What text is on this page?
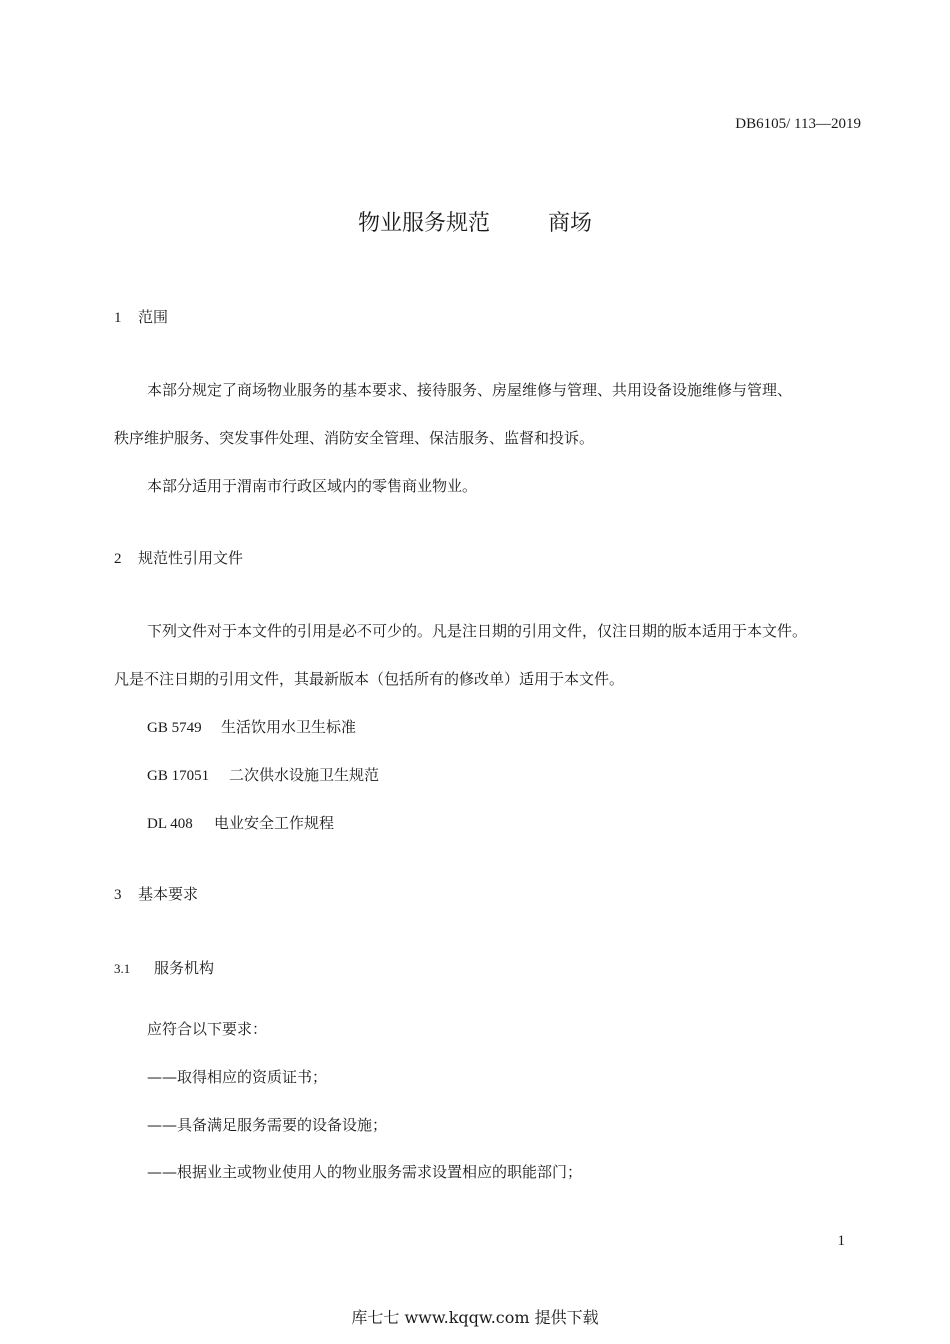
DB6105/ 113—2019
物业服务规范	商场
1 范围
本部分规定了商场物业服务的基本要求、接待服务、房屋维修与管理、共用设备设施维修与管理、
秩序维护服务、突发事件处理、消防安全管理、保洁服务、监督和投诉。
本部分适用于渭南市行政区域内的零售商业物业。
2 规范性引用文件
下列文件对于本文件的引用是必不可少的。凡是注日期的引用文件，仅注日期的版本适用于本文件。
凡是不注日期的引用文件，其最新版本（包括所有的修改单）适用于本文件。
GB 5749 生活饮用水卫生标准
GB 17051 二次供水设施卫生规范
DL 408 电业安全工作规程
3 基本要求
3.1 服务机构
应符合以下要求：
——取得相应的资质证书；
——具备满足服务需要的设备设施；
——根据业主或物业使用人的物业服务需求设置相应的职能部门；
1
库七七 www.kqqw.com 提供下载
